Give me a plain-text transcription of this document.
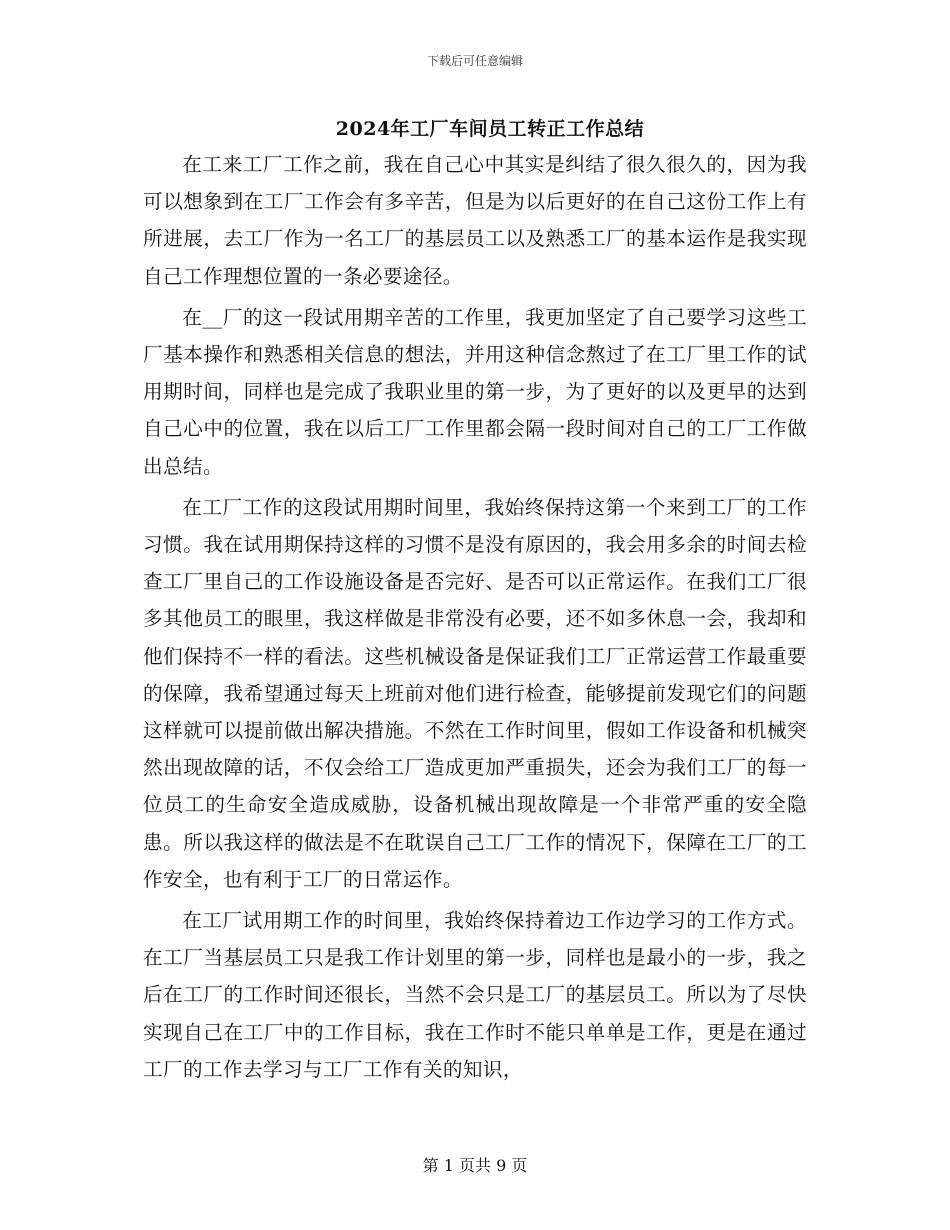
下载后可任意编辑
2024年工厂车间员工转正工作总结

在工来工厂工作之前，我在自己心中其实是纠结了很久很久的，因为我可以想象到在工厂工作会有多辛苦，但是为以后更好的在自己这份工作上有所进展，去工厂作为一名工厂的基层员工以及熟悉工厂的基本运作是我实现自己工作理想位置的一条必要途径。

在__厂的这一段试用期辛苦的工作里，我更加坚定了自己要学习这些工厂基本操作和熟悉相关信息的想法，并用这种信念熬过了在工厂里工作的试用期时间，同样也是完成了我职业里的第一步，为了更好的以及更早的达到自己心中的位置，我在以后工厂工作里都会隔一段时间对自己的工厂工作做出总结。

在工厂工作的这段试用期时间里，我始终保持这第一个来到工厂的工作习惯。我在试用期保持这样的习惯不是没有原因的，我会用多余的时间去检查工厂里自己的工作设施设备是否完好、是否可以正常运作。在我们工厂很多其他员工的眼里，我这样做是非常没有必要，还不如多休息一会，我却和他们保持不一样的看法。这些机械设备是保证我们工厂正常运营工作最重要的保障，我希望通过每天上班前对他们进行检查，能够提前发现它们的问题这样就可以提前做出解决措施。不然在工作时间里，假如工作设备和机械突然出现故障的话，不仅会给工厂造成更加严重损失，还会为我们工厂的每一位员工的生命安全造成威胁，设备机械出现故障是一个非常严重的安全隐患。所以我这样的做法是不在耽误自己工厂工作的情况下，保障在工厂的工作安全，也有利于工厂的日常运作。

在工厂试用期工作的时间里，我始终保持着边工作边学习的工作方式。在工厂当基层员工只是我工作计划里的第一步，同样也是最小的一步，我之后在工厂的工作时间还很长，当然不会只是工厂的基层员工。所以为了尽快实现自己在工厂中的工作目标，我在工作时不能只单单是工作，更是在通过工厂的工作去学习与工厂工作有关的知识，

第 1 页共 9 页
